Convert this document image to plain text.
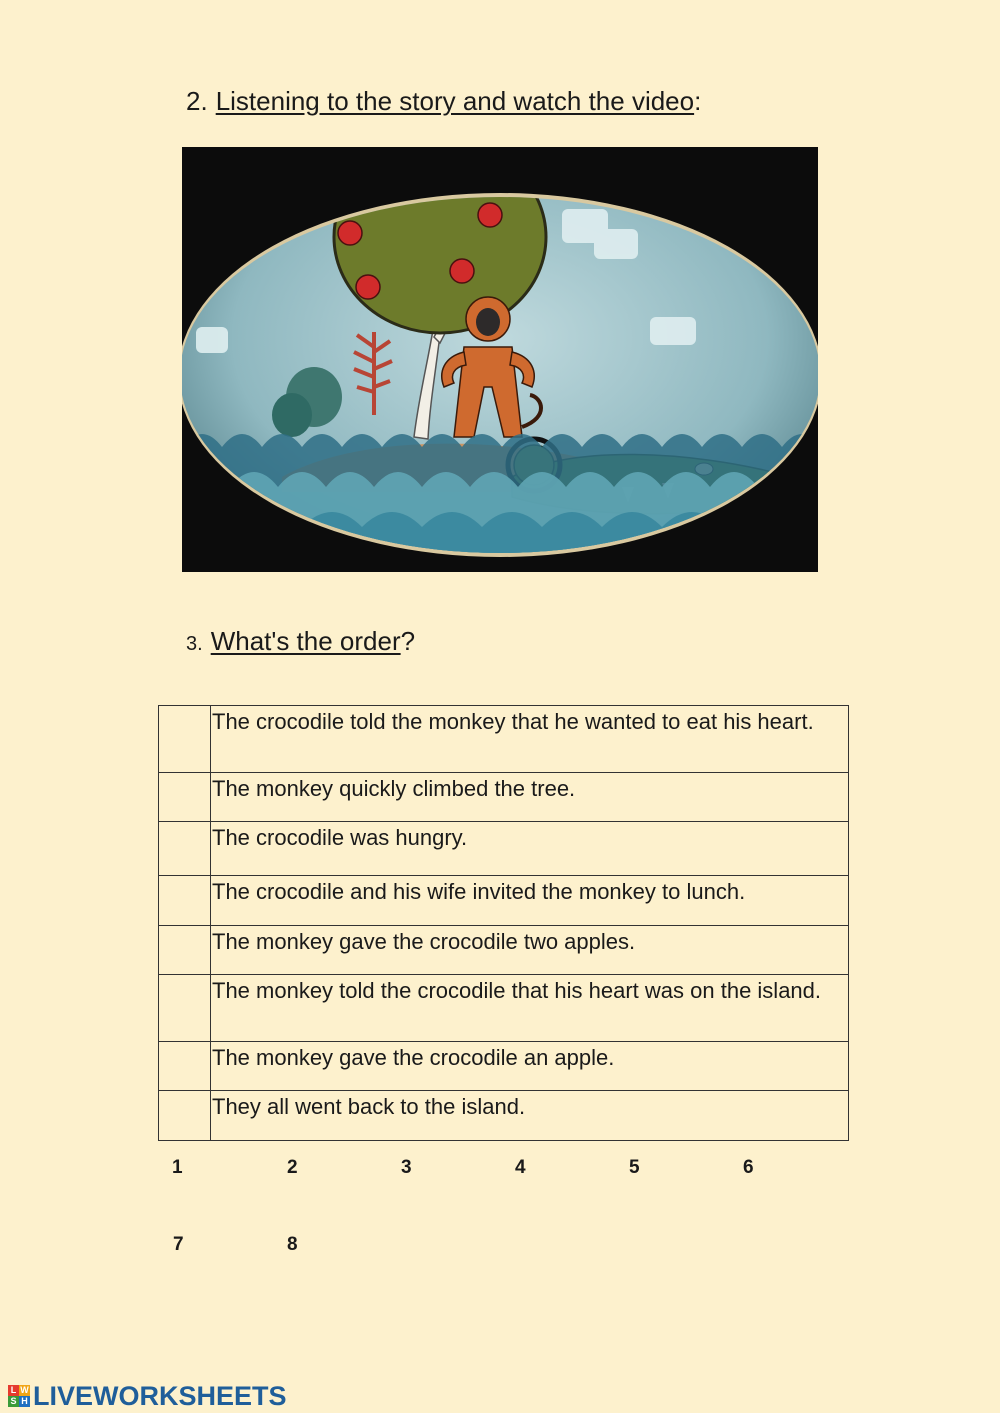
2. Listening to the story and watch the video:
3. What's the order?
	The crocodile told the monkey that he wanted to eat his heart.
	The monkey quickly climbed the tree.
	The crocodile was hungry.
	The crocodile and his wife invited the monkey to lunch.
	The monkey gave the crocodile two apples.
	The monkey told the crocodile that his heart was on the island.
	The monkey gave the crocodile an apple.
	They all went back to the island.
1	2	3	4	5	6
7	8
L W
S H LIVEWORKSHEETS
